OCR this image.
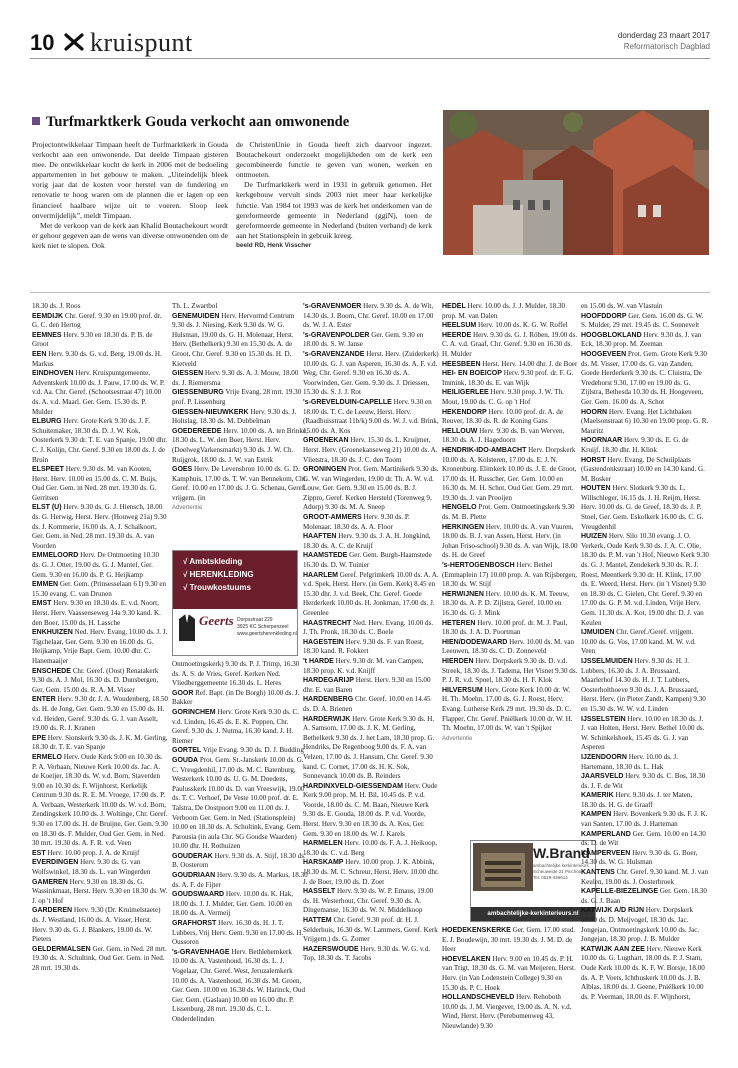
10 kruispunt	donderdag 23 maart 2017
Reformatorisch Dagblad
Turfmarktkerk Gouda verkocht aan omwonende

Projectontwikkelaar Timpaan heeft de Turfmarktkerk in Gouda verkocht aan een omwonende. Dat deelde Timpaan gisteren mee. De ontwikkelaar kocht de kerk in 2006 met de bedoeling appartementen in het gebouw te maken. „Uiteindelijk bleek vorig jaar dat de kosten voor herstel van de fundering en renovatie te hoog waren om de plannen die er lagen op een financieel haalbare wijze uit te voeren. Sloop leek onvermijdelijk”, meldt Timpaan.

Met de verkoop van de kerk aan Khalid Boutachekourt wordt er gehoor gegeven aan de wens van diverse omwonenden om de kerk niet te slopen. Ook

de ChristenUnie in Gouda heeft zich daarvoor ingezet. Boutachekourt onderzoekt mogelijkheden om de kerk een gecombineerde functie te geven van wonen, werken en ontmoeten.

De Turfmarktkerk werd in 1931 in gebruik genomen. Het kerkgebouw vervult sinds 2003 niet meer haar kerkelijke functie. Van 1984 tot 1993 was de kerk het onderkomen van de gereformeerde gemeente in Nederland (ggiN), toen de gereformeerde gemeente in Nederland (buiten verband) de kerk aan het Stationsplein in gebruik kreeg.

beeld RD, Henk Visscher

18.30 ds. J. Roos

EEMDIJK Chr. Geref. 9.30 en 19.00 prof. dr. G. C. den Hertog

EEMNES Herv. 9.30 en 18.30 ds. P. B. de Groot

EEN Herv. 9.30 ds. G. v.d. Berg, 19.00 ds. H. Markus

EINDHOVEN Herv. Kruispuntgemeente, Adventskerk 10.00 ds. J. Pauw, 17.00 ds. W. P. v.d. Aa. Chr. Geref. (Schootsestraat 47) 10.00 ds. A. v.d. Maarl. Ger. Gem. 15.30 ds. P. Mulder

ELBURG Herv. Grote Kerk 9.30 ds. J. F. Schuitemaker, 18.30 ds. D. J. W. Kok, Oosterkerk 9.30 dr. T. E. van Spanje, 19.00 dhr. C. J. Kolijn, Chr. Geref. 9.30 en 18.00 ds. J. de Bruin

ELSPEET Herv. 9.30 ds. M. van Kooten, Herst. Herv. 10.00 en 15.00 ds. C. M. Buijs, Oud Ger. Gem. in Ned. 28 mrt. 19.30 ds. G. Gerritsen

ELST (U) Herv. 9.30 ds. G. J. Hiensch, 18.00 ds. G. Herwig, Herst. Herv. (Houweg 21a) 9.30 ds. J. Kommerie, 16.00 ds. A. J. Schalkoort, Ger. Gem. in Ned. 28 mrt. 19.30 ds. A. van Voorden

EMMELOORD Herv. De Ontmoeting 10.30 ds. G. J. Otter, 19.00 ds. G. J. Mantel, Ger. Gem. 9.30 en 16.00 ds. P. G. Heijkamp

EMMEN Ger. Gem. (Prinsesselaan 6 I) 9.30 en 15.30 evang. C. van Drunen

EMST Herv. 9.30 en 18.30 ds. E. v.d. Noort, Herst. Herv. Vaassenseweg 14a 9.30 kand. K. den Boer, 15.00 ds. H. Lassche

ENKHUIZEN Ned. Herv. Evang. 10.00 ds. J. J. Tigchelaar, Ger. Gem. 9.30 en 16.00 ds. G. Heijkamp, Vrije Bapt. Gem. 10.00 dhr. C. Hanemaaijer

ENSCHEDE Chr. Geref. (Oost) Renatakerk 9.30 ds. A. J. Mol, 16.30 ds. D. Dunsbergen, Ger. Gem. 15.00 ds. R. A. M. Visser

ENTER Herv. 9.30 dr. J. A. Woudenberg, 18.50 ds. H. de Jong, Ger. Gem. 9.30 en 15.00 ds. H. v.d. Heiden, Geref. 9.30 ds. G. J. van Asselt, 19.00 ds. R. J. Kranen

EPE Herv. Sionskerk 9.30 ds. J. K. M. Gerling, 18.30 dr. T. E. van Spanje

ERMELO Herv. Oude Kerk 9.00 en 10.30 ds. P. A. Verbaan, Nieuwe Kerk 10.00 ds. Jac. A. de Koeijer, 18.30 ds. W. v.d. Born, Staverden 9.00 en 10.30 ds. F. Wijnhorst, Kerkelijk Centrum 9.30 ds. R. E. M. Vroege, 17.00 ds. P. A. Verbaan, Westerkerk 10.00 ds. W. v.d. Born, Zendingskerk 10.00 ds. J. Woltinge, Chr. Geref. 9.30 en 17.00 ds. H. de Bruijne, Ger. Gem. 9.30 en 18.30 ds. F. Mulder, Oud Ger. Gem. in Ned. 30 mrt. 19.30 ds. A. F. R. v.d. Veen

EST Herv. 10.00 prop. J. A. de Kruijf

EVERDINGEN Herv. 9.30 ds. G. van Wolfswinkel, 18.30 ds. L. van Wingerden

GAMEREN Herv. 9.30 en 18.30 ds. G. Wassinkmaat, Herst. Herv. 9.30 en 18.30 ds. W. J. op 't Hof

GARDEREN Herv. 9.30 (Dr. Kruimelstaete) ds. J. Westland, 16.00 ds. A. Visser, Herst. Herv. 9.30 ds. G. J. Blankers, 19.00 ds. W. Pieters

GELDERMALSEN Ger. Gem. in Ned. 28 mrt. 19.30 ds. A. Schultink, Oud Ger. Gem. in Ned. 28 mrt. 19.30 ds.

Th. L. Zwartbol

GENEMUIDEN Herv. Hervormd Centrum 9.30 ds. J. Niesing, Kerk 9.30 ds. W. G. Hulsman, 19.00 ds. G. H. Molenaar, Herst. Herv. (Bethelkerk) 9.30 en 15.30 ds. A. de Groot, Chr. Geref. 9.30 en 15.30 ds. H. D. Kietveld

GIESSEN Herv. 9.30 ds. A. J. Mouw, 18.00 ds. J. Riemersma

GIESSENBURG Vrije Evang. 28 mrt. 19.30 prof. P. Lissenburg

GIESSEN-NIEUWKERK Herv. 9.30 ds. J. Holtslag, 18.30 ds. M. Dubbelman

GOEDEREEDE Herv. 10.00 ds. A. ten Brinke, 18.30 ds. L. W. den Boer, Herst. Herv. (DoelwegVarkensmarkt) 9.30 ds. J. W. Ch. Ruijgrok, 18.00 ds. J. W. van Estrik

GOES Herv. De Levensbron 10.00 ds. G. D. Kamphuis, 17.00 ds. T. W. van Bennekom, Chr. Geref. 10.00 en 17.00 ds. J. G. Schenau, Geref. vrijgem. (in

Advertentie
√ Ambtskleding
√ HERENKLEDING
√ Trouwkostuums
Geerts Dorpsstraat 229
3925 KC Scherpenzeel
www.geertsherenkleding.nl

Ontmoetingskerk) 9.30 ds. P. J. Trimp, 16.30 ds. A. S. de Vries, Geref. Kerken Ned. Vliedberggemeente 16.30 ds. L. Heres

GOOR Ref. Bapt. (in De Borgh) 10.00 ds. J. Bakker

GORINCHEM Herv. Grote Kerk 9.30 ds. C. v.d. Linden, 16.45 ds. E. K. Poppen, Chr. Geref. 9.30 ds. J. Nutma, 16.30 kand. J. H. Riemer

GORTEL Vrije Evang. 9.30 ds. D. J. Budding

GOUDA Prot. Gem. St.-Janskerk 10.00 ds. G. C. Vreugdenhil, 17.00 ds. M. C. Batenburg, Westerkerk 10.00 ds. U. G. M. Doedens, Paulusskerk 10.00 ds. D. van Vreeswijk, 19.00 ds. T. C. Verhoef, De Veste 10.00 prof. dr. E. Talstra, De Oostpoort 9.00 en 11.00 ds. J. Verboom Ger. Gem. in Ned. (Stationsplein) 10.00 en 18.30 ds. A. Schultink, Evang. Gem. Parousia (in aula Chr. SG Goudse Waarden) 10.00 dhr. H. Rothuizen

GOUDERAK Herv. 9.30 ds. A. Stijf, 18.30 ds. B. Oosterom

GOUDRIAAN Herv. 9.30 ds. A. Markus, 18.30 ds. A. F. de Fijter

GOUDSWAARD Herv. 10.00 ds. K. Hak, 18.00 ds. J. J. Mulder, Ger. Gem. 10.00 en 18.00 ds. A. Vermeij

GRAFHORST Herv. 16.30 ds. H. J. T. Lubbers, Vrij Herv. Gem. 9.30 en 17.00 ds. H. Oussoren

's-GRAVENHAGE Herv. Bethlehemkerk 10.00 ds. A. Vastenhoud, 16.30 ds. L. J. Vogelaar, Chr. Geref. West, Jeruzalemkerk 10.00 ds. A. Vastenhoud, 16.30 ds. M. Groen, Ger. Gem. 10.00 en 16.30 ds. W. Harinck, Oud Ger. Gem. (Gaslaan) 10.00 en 16.00 dhr. P. Lissenburg, 28 mrt. 19.30 ds. C. L. Onderdelinden

's-GRAVENMOER Herv. 9.30 ds. A. de Wit, 14.30 ds. J. Boom, Chr. Geref. 10.00 en 17.00 ds. W. J. A. Ester

's-GRAVENPOLDER Ger. Gem. 9.30 en 18.00 ds. S. W. Janse

's-GRAVENZANDE Herst. Herv. (Zuiderkerk) 10.00 ds. G. J. van Asperen, 16.30 ds. A. F. v.d. Weg, Chr. Geref. 9.30 en 16.30 ds. A. Voorwinden, Ger. Gem. 9.30 ds. J. Driessen, 15.30 ds. S. J. J. Rot

's-GREVELDUIN-CAPELLE Herv. 9.30 en 18.00 ds. T. C. de Leeuw, Herst. Herv. (Raadhuisstraat 11b/k) 9.00 ds. W. J. v.d. Brink, 15.00 ds. A. Kos

GROENEKAN Herv. 15.30 ds. L. Kruijmer, Herst. Herv. (Groenekanseweg 21) 10.00 ds. A. Vlietstra, 18.30 ds. J. C. den Toom

GRONINGEN Prot. Gem. Martinikerk 9.30 ds. G. W. van Wingerden, 19.00 dr. Th. A. W. v.d. Louw, Ger. Gem. 9.30 en 15.00 ds. B. J. Zippro, Geref. Kerken Hersteld (Torenweg 9, Adorp) 9.30 ds. M. A. Sneep

GROOT-AMMERS Herv. 9.30 ds. P. Molenaar, 18.30 ds. A. A. Floor

HAAFTEN Herv. 9.30 ds. J. A. H. Jongkind, 18.30 ds. A. C. de Kruijf

HAAMSTEDE Ger. Gem. Burgh-Haamstede 16.30 ds. D. W. Tuinier

HAARLEM Geref. Pelgrimkerk 10.00 ds. A. A. v.d. Spek, Herst. Herv. (in Gem. Kerk) 8.45 en 15.30 dhr. J. v.d. Beek, Chr. Geref. Goede Herderkerk 10.00 ds. H. Jonkman, 17.00 ds. J. Greenlee

HAASTRECHT Ned. Herv. Evang. 10.00 ds. J. Th. Pronk, 18.30 ds. C. Boele

HAGESTEIN Herv. 9.30 ds. F. van Roest, 18.30 kand. R. Fokkert

't HARDE Herv. 9.30 dr. M. van Campen, 18.30 prop. K. v.d. Knijff

HARDEGARIJP Herst. Herv. 9.30 en 15.00 dhr. E. van Baren

HARDENBERG Chr. Geref. 10.00 en 14.45 ds. D. A. Brienen

HARDERWIJK Herv. Grote Kerk 9.30 ds. H. A. Samsom, 17.00 ds. J. K. M. Gerling, Bethelkerk 9.30 ds. J. het Lam, 18.30 prop. G. Hendriks, De Regenboog 9.00 ds. F. A. van Velzen, 17.00 ds. J. Hansum, Chr. Geref. 9.30 kand. C. Cornet, 17.00 ds. H. K. Sok, Sonnevanck 10.00 ds. B. Reinders

HARDINXVELD-GIESSENDAM Herv. Oude Kerk 9.00 prop. M. H. Bil, 10.45 ds. P. v.d. Voorde, 18.00 ds. C. M. Baan, Nieuwe Kerk 9.30 ds. E. Gouda, 18.00 ds. P. v.d. Voorde, Herst. Herv. 9.30 en 18.30 ds. A. Kos, Ger. Gem. 9.30 en 18.00 ds. W. J. Karels

HARMELEN Herv. 10.00 ds. F. A. J. Heikoop, 18.30 ds. C. v.d. Berg

HARSKAMP Herv. 10.00 prop. J. K. Abbink, 18.30 ds. M. C. Schreur, Herst. Herv. 10.00 dhr. J. de Boer, 19.00 ds. D. Zoet

HASSELT Herv. 9.30 ds. W. P. Emaus, 19.00 ds. H. Westerhout, Chr. Geref. 9.30 ds. A. Dingemanse, 16.30 ds. W. N. Middelkoop

HATTEM Chr. Geref. 9.30 prof. dr. H. J. Selderhuis, 16.30 ds. W. Lammers, Geref. Kerk Vrijgem.) ds. G. Zomer

HAZERSWOUDE Herv. 9.30 ds. W. G. v.d. Top, 18.30 ds. T. Jacobs

HEDEL Herv. 10.00 ds. J. J. Mulder, 18.30 prop. M. van Dalen

HEELSUM Herv. 10.00 ds. K. G. W. Roffel

HEERDE Herv. 9.30 ds. G. J. Röben, 19.00 ds. C. A. v.d. Graaf, Chr. Geref. 9.30 en 16.30 ds. H. Mulder

HEESBEEN Herst. Herv. 14.00 dhr. J. de Boer

HEI- EN BOEICOP Herv. 9.30 prof. dr. F. G. Immink, 18.30 ds. E. van Wijk

HEILIGERLEE Herv. 9.30 prop. J. W. Th. Mout, 19.00 ds. C. G. op 't Hof

HEKENDORP Herv. 10.00 prof. dr. A. de Reuver, 18.30 ds. R. de Koning Gans

HELLOUW Herv. 9.30 ds. B. van Werven, 18.30 ds. A. J. Hagedoorn

HENDRIK-IDO-AMBACHT Herv. Dorpskerk 10.00 ds. A. Kolsteren, 17.00 ds. E. J. N. Kronenburg. Elimkerk 10.00 ds. J. E. de Groot, 17.00 ds. H. Russcher, Ger. Gem. 10.00 en 16.30 ds. M. H. Schot, Oud Ger. Gem. 29 mrt. 19.30 ds. J. van Prooijen

HENGELO Prot. Gem. Ontmoetingskerk 9.30 ds. M. B. Plette

HERKINGEN Herv. 10.00 ds. A. van Vuuren, 18.00 ds. B. J. van Assen, Herst. Herv. (in Johan Friso-school) 9.30 ds. A. van Wijk, 18.00 ds. H. de Greef

's-HERTOGENBOSCH Herv. Bethel (Emmaplein 17) 10.00 prop. A. van Rijsbergen, 18.30 ds. W. Stijf

HERWIJNEN Herv. 10.00 ds. K. M. Teeuw, 18.30 ds. A. P. D. Zijlstra, Geref. 10.00 en 16.30 ds. G. J. Mink

HETEREN Herv. 10.00 prof. dr. M. J. Paul, 18.30 ds. J. A. D. Poortman

HIEN/DODEWAARD Herv. 10.00 ds. M. van Leeuwen, 18.30 ds. C. D. Zonneveld

HIERDEN Herv. Dorpskerk 9.30 ds. D. v.d. Streek, 18.30 ds. J. Tadema, Het Visnet 9.30 ds. P. J. R. v.d. Spoel, 18.30 ds. H. F. Klok

HILVERSUM Herv. Grote Kerk 10.00 dr. W. H. Th. Moehn, 17.00 ds. G. J. Roest, Herv. Evang. Lutherse Kerk 29 mrt. 19.30 ds. D. C. Flapper, Chr. Geref. Pniëlkerk 10.00 dr. W. H. Th. Moehn, 17.00 ds. W. van 't Spijker

Advertentie
W.Brand
ambachtelijke kerkinterieurs
Scheuweide 21 Pinchoun
Tel. 0529-436614
ambachtelijke-kerkinterieurs.nl

HOEDEKENSKERKE Ger. Gem. 17.00 stud. E. J. Boudewijn, 30 mrt. 19.30 ds. J. M. D. de Heer

HOEVELAKEN Herv. 9.00 en 10.45 ds. P. H. van Trigt, 18.30 ds. G. M. van Meijeren, Herst. Herv. (in Van Lodenstein College) 9.30 en 15.30 ds. P. C. Hoek

HOLLANDSCHEVELD Herv. Rehoboth 10.00 ds. J. M. Viergever, 19.00 ds. A. N. v.d. Wind, Herst. Herv. (Perebomenweg 43, Nieuwlande) 9.30

en 15.00 ds. W. van Vlastuin

HOOFDDORP Ger. Gem. 16.00 ds. G. W. S. Mulder, 29 mrt. 19.45 ds. C. Sonnevelt

HOOGBLOKLAND Herv. 9.30 ds. J. van Eck, 18.30 prop. M. Zeeman

HOOGEVEEN Prot. Gem. Grote Kerk 9.30 ds. M. Visser, 17.00 ds. G. van Zanden, Goede Herderkerk 9.30 ds. C. Cluistra, De Vredehorst 9.30, 17.00 en 19.00 ds. G. Zijlstra, Bethesda 10.30 ds. H. Hoogeveen, Ger. Gem. 16.00 ds. A. Schot

HOORN Herv. Evang. Het Lichtbaken (Maelsonstraat 6) 10.30 en 19.00 prop. G. R. Mauritz

HOORNAAR Herv. 9.30 ds. E. G. de Kruijf, 18.30 dhr. H. Klink

HORST Herv. Evang. De Schuilplaats (Gastendonkstraat) 10.00 en 14.30 kand. G. M. Bosker

HOUTEN Herv. Slotkerk 9.30 ds. L. Willschleger, 16.15 ds. J. H. Reijm, Herst. Herv. 10.00 ds. G. de Greef, 18.30 ds. J. P. Stoel, Ger. Gem. Eskolkerk 16.00 ds. C. G. Vreugdenhil

HUIZEN Herv. Silo 10.30 evang. J. O. Verkerk, Oude Kerk 9.30 ds. J. A. C. Olie, 18.30 ds. P. M. van 't Hof, Nieuwe Kerk 9.30 ds. G. J. Mantel, Zendekerk 9.30 ds. R. J. Roest, Meentkerk 9.30 dr. H. Klink, 17.00 ds. E. Weerd, Herst. Herv. (in 't Visnet) 9.30 en 18.30 ds. C. Gielen, Chr. Geref. 9.30 en 17.00 ds. G. P. M. v.d. Linden, Vrije Herv. Gem. 11.30 ds. A. Kot, 19.00 dhr. D. J. van Keulen

IJMUIDEN Chr. Geref./Geref. vrijgem. 10.00 ds. G. Vos, 17.00 kand. M. W. v.d. Veen

IJSSELMUIDEN Herv. 9.30 ds. H. J. Lubbers, 16.30 ds. J. A. Brussaard, Maarlerhof 14.30 ds. H. J. T. Lubbers, Oosterholthoeve 9.30 ds. J. A. Brussaard, Herst. Herv. (in Pieter Zandt, Kampen) 9.30 en 15.30 ds. W. W. v.d. Linden

IJSSELSTEIN Herv. 10.00 en 18.30 ds. J. J. van Holten, Herst. Herv. Bethel 10.00 ds. W. Schinkelshoek, 15.45 ds. G. J. van Asperen

IJZENDOORN Herv. 10.00 ds. J. Hartemann, 18.30 ds. L. Hak

JAARSVELD Herv. 9.30 ds. C. Bos, 18.30 ds. J. F. de Wit

KAMERIK Herv. 9.30 ds. J. ter Maten, 18.30 ds. H. G. de Graaff

KAMPEN Herv. Bovenkerk 9.30 ds. F. J. K. van Santen, 17.00 ds. J. Harteman

KAMPERLAND Ger. Gem. 10.00 en 14.30 ds. D. de Wit

KAMPERVEEN Herv. 9.30 ds. G. Boer, 14.30 ds. W. G. Hulsman

KANTENS Chr. Geref. 9.30 kand. M. J. van Keulen, 19.00 ds. J. Oosterbroek

KAPELLE-BIEZELINGE Ger. Gem. 18.30 ds. G. J. Baan

KATWIJK A/D RIJN Herv. Dorpskerk 10.00 ds. D. Meijvogel, 18.30 ds. Jac. Jongejan, Ontmoetingskerk 10.00 ds. Jac. Jongejan, 18.30 prop. J. B. Mulder

KATWIJK AAN ZEE Herv. Nieuwe Kerk 10.00 ds. G. Lugthart, 18.00 ds. P. J. Stam, Oude Kerk 10.00 ds. K. F. W. Borsje, 18.00 ds. A. P. Voets, Ichthuskerk 10.00 ds. J. B. Alblas, 18.00 ds. J. Geene, Pniëlkerk 10.00 ds. P. Veerman, 18.00 ds. F. Wijnhorst,
